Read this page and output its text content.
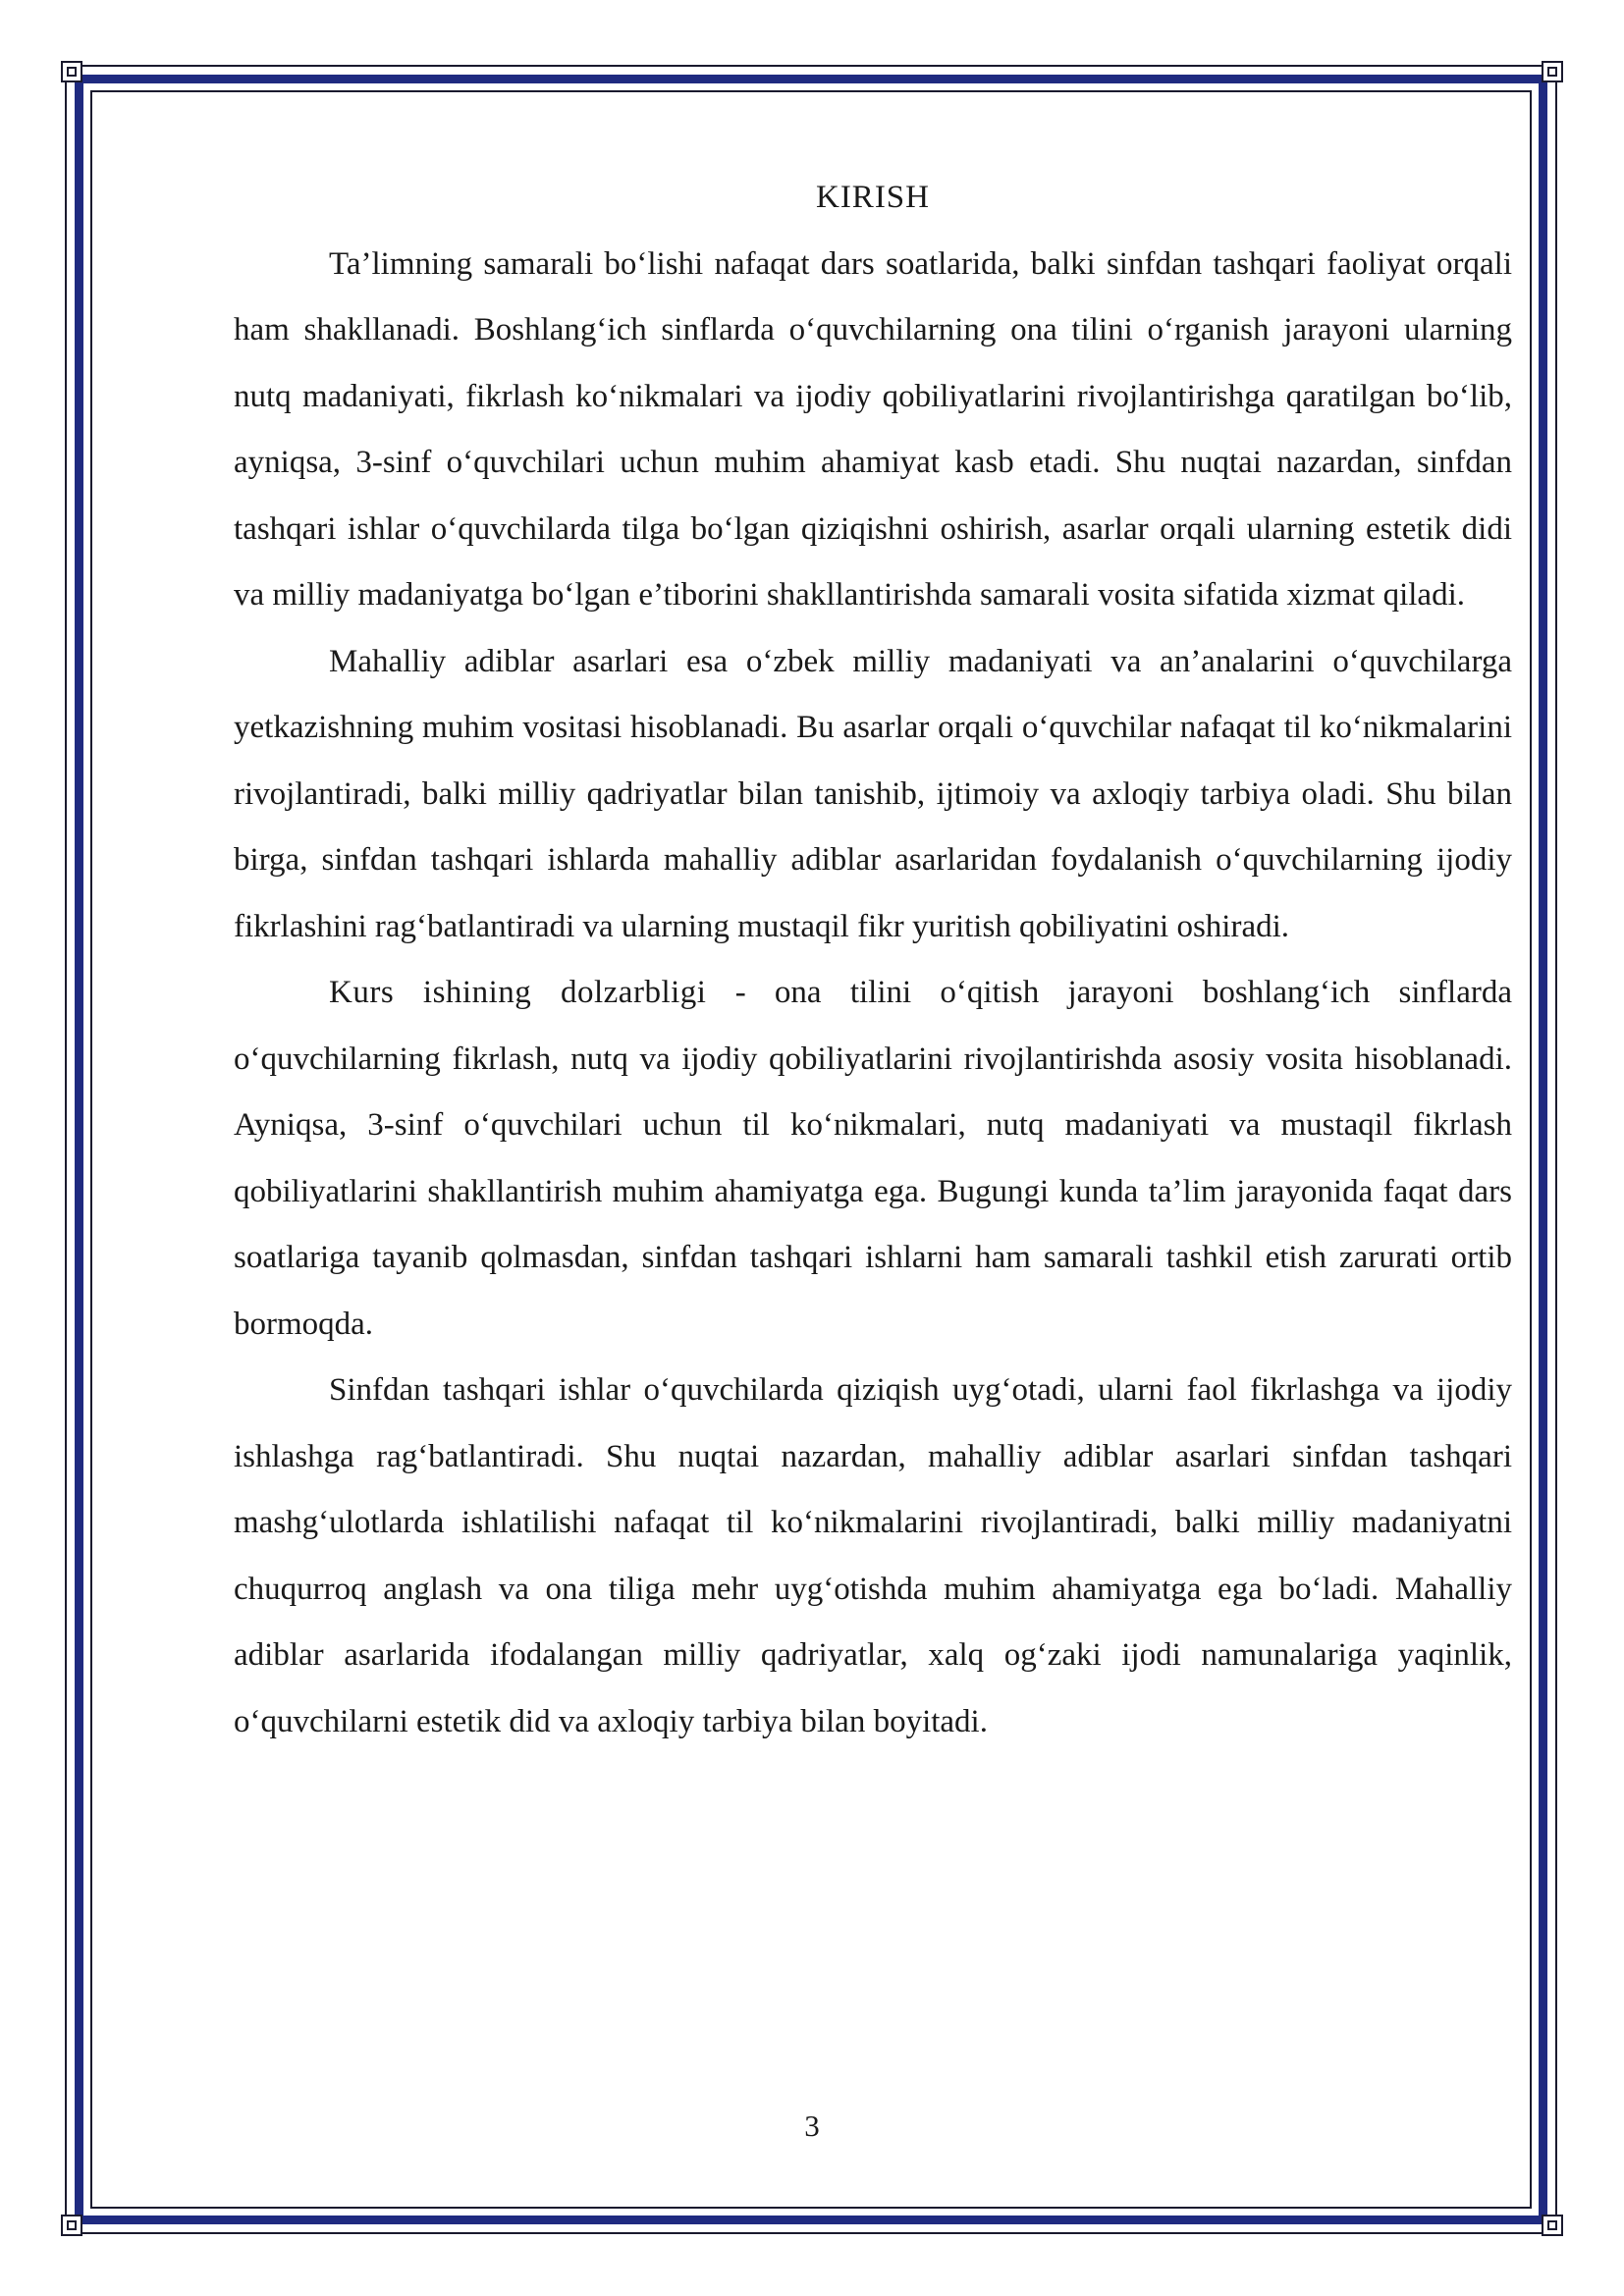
KIRISH

Ta’limning samarali bo‘lishi nafaqat dars soatlarida, balki sinfdan tashqari faoliyat orqali ham shakllanadi. Boshlang‘ich sinflarda o‘quvchilarning ona tilini o‘rganish jarayoni ularning nutq madaniyati, fikrlash ko‘nikmalari va ijodiy qobiliyatlarini rivojlantirishga qaratilgan bo‘lib, ayniqsa, 3-sinf o‘quvchilari uchun muhim ahamiyat kasb etadi. Shu nuqtai nazardan, sinfdan tashqari ishlar o‘quvchilarda tilga bo‘lgan qiziqishni oshirish, asarlar orqali ularning estetik didi va milliy madaniyatga bo‘lgan e’tiborini shakllantirishda samarali vosita sifatida xizmat qiladi.

Mahalliy adiblar asarlari esa o‘zbek milliy madaniyati va an’analarini o‘quvchilarga yetkazishning muhim vositasi hisoblanadi. Bu asarlar orqali o‘quvchilar nafaqat til ko‘nikmalarini rivojlantiradi, balki milliy qadriyatlar bilan tanishib, ijtimoiy va axloqiy tarbiya oladi. Shu bilan birga, sinfdan tashqari ishlarda mahalliy adiblar asarlaridan foydalanish o‘quvchilarning ijodiy fikrlashini rag‘batlantiradi va ularning mustaqil fikr yuritish qobiliyatini oshiradi.

Kurs ishining dolzarbligi - ona tilini o‘qitish jarayoni boshlang‘ich sinflarda o‘quvchilarning fikrlash, nutq va ijodiy qobiliyatlarini rivojlantirishda asosiy vosita hisoblanadi. Ayniqsa, 3-sinf o‘quvchilari uchun til ko‘nikmalari, nutq madaniyati va mustaqil fikrlash qobiliyatlarini shakllantirish muhim ahamiyatga ega. Bugungi kunda ta’lim jarayonida faqat dars soatlariga tayanib qolmasdan, sinfdan tashqari ishlarni ham samarali tashkil etish zarurati ortib bormoqda.

Sinfdan tashqari ishlar o‘quvchilarda qiziqish uyg‘otadi, ularni faol fikrlashga va ijodiy ishlashga rag‘batlantiradi. Shu nuqtai nazardan, mahalliy adiblar asarlari sinfdan tashqari mashg‘ulotlarda ishlatilishi nafaqat til ko‘nikmalarini rivojlantiradi, balki milliy madaniyatni chuqurroq anglash va ona tiliga mehr uyg‘otishda muhim ahamiyatga ega bo‘ladi. Mahalliy adiblar asarlarida ifodalangan milliy qadriyatlar, xalq og‘zaki ijodi namunalariga yaqinlik, o‘quvchilarni estetik did va axloqiy tarbiya bilan boyitadi.

3
